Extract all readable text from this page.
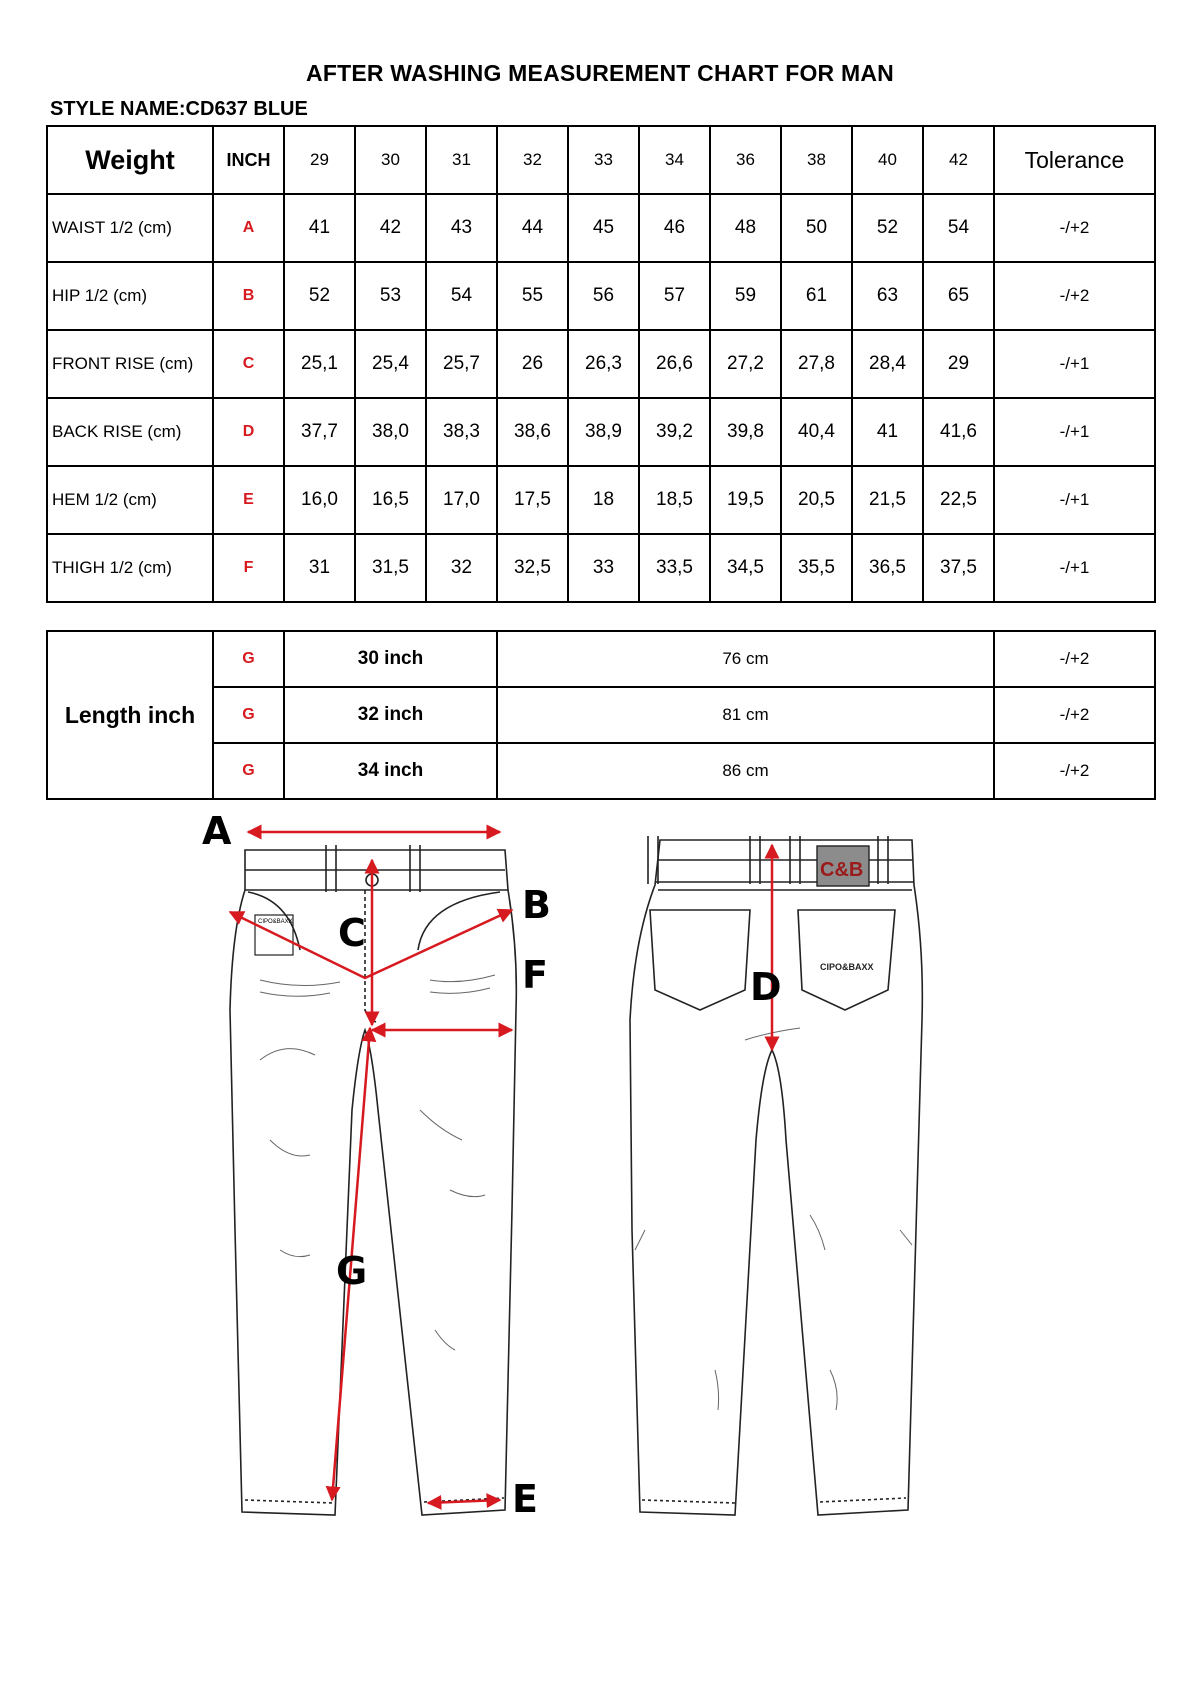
AFTER WASHING MEASUREMENT CHART FOR MAN
STYLE NAME:CD637 BLUE
Weight	INCH	29	30	31	32	33	34	36	38	40	42	Tolerance
WAIST 1/2 (cm)	A	41	42	43	44	45	46	48	50	52	54	-/+2
HIP 1/2 (cm)	B	52	53	54	55	56	57	59	61	63	65	-/+2
FRONT RISE (cm)	C	25,1	25,4	25,7	26	26,3	26,6	27,2	27,8	28,4	29	-/+1
BACK RISE (cm)	D	37,7	38,0	38,3	38,6	38,9	39,2	39,8	40,4	41	41,6	-/+1
HEM 1/2 (cm)	E	16,0	16,5	17,0	17,5	18	18,5	19,5	20,5	21,5	22,5	-/+1
THIGH 1/2 (cm)	F	31	31,5	32	32,5	33	33,5	34,5	35,5	36,5	37,5	-/+1
Length inch	G	30 inch	76 cm	-/+2
	G	32 inch	81 cm	-/+2
	G	34 inch	86 cm	-/+2
CIPO&BAXX
A
C
B
F
G
E
C&B
CIPO&BAXX
D
